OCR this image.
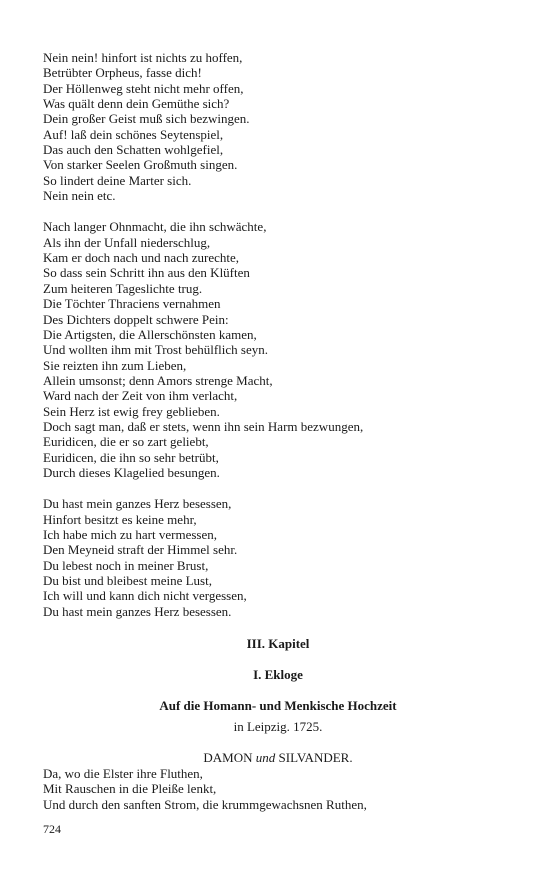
Nein nein! hinfort ist nichts zu hoffen,
Betrübter Orpheus, fasse dich!
Der Höllenweg steht nicht mehr offen,
Was quält denn dein Gemüthe sich?
Dein großer Geist muß sich bezwingen.
Auf! laß dein schönes Seytenspiel,
Das auch den Schatten wohlgefiel,
Von starker Seelen Großmuth singen.
So lindert deine Marter sich.
Nein nein etc.
Nach langer Ohnmacht, die ihn schwächte,
Als ihn der Unfall niederschlug,
Kam er doch nach und nach zurechte,
So dass sein Schritt ihn aus den Klüften
Zum heiteren Tageslichte trug.
Die Töchter Thraciens vernahmen
Des Dichters doppelt schwere Pein:
Die Artigsten, die Allerschönsten kamen,
Und wollten ihm mit Trost behülflich seyn.
Sie reizten ihn zum Lieben,
Allein umsonst; denn Amors strenge Macht,
Ward nach der Zeit von ihm verlacht,
Sein Herz ist ewig frey geblieben.
Doch sagt man, daß er stets, wenn ihn sein Harm bezwungen,
Euridicen, die er so zart geliebt,
Euridicen, die ihn so sehr betrübt,
Durch dieses Klagelied besungen.
Du hast mein ganzes Herz besessen,
Hinfort besitzt es keine mehr,
Ich habe mich zu hart vermessen,
Den Meyneid straft der Himmel sehr.
Du lebest noch in meiner Brust,
Du bist und bleibest meine Lust,
Ich will und kann dich nicht vergessen,
Du hast mein ganzes Herz besessen.
III. Kapitel
I. Ekloge
Auf die Homann- und Menkische Hochzeit
in Leipzig. 1725.
DAMON und SILVANDER.
Da, wo die Elster ihre Fluthen,
Mit Rauschen in die Pleiße lenkt,
Und durch den sanften Strom, die krummgewachsnen Ruthen,
724
